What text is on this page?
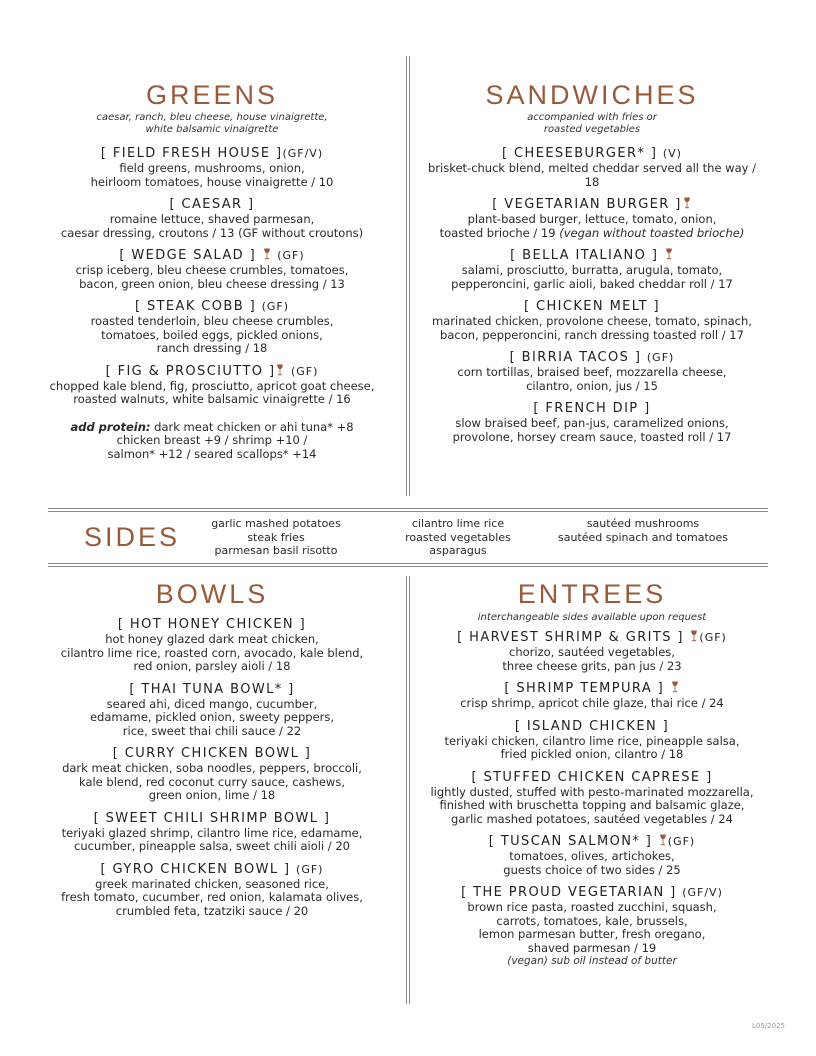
GREENS
caesar, ranch, bleu cheese, house vinaigrette,
white balsamic vinaigrette
[ FIELD FRESH HOUSE ](GF/V)
field greens, mushrooms, onion,
heirloom tomatoes, house vinaigrette / 10
[ CAESAR ]
romaine lettuce, shaved parmesan,
caesar dressing, croutons / 13 (GF without croutons)
[ WEDGE SALAD ] (GF)
crisp iceberg, bleu cheese crumbles, tomatoes,
bacon, green onion, bleu cheese dressing / 13
[ STEAK COBB ] (GF)
roasted tenderloin, bleu cheese crumbles,
tomatoes, boiled eggs, pickled onions,
ranch dressing / 18
[ FIG & PROSCIUTTO ] (GF)
chopped kale blend, fig, prosciutto, apricot goat cheese,
roasted walnuts, white balsamic vinaigrette / 16
add protein: dark meat chicken or ahi tuna* +8
chicken breast +9 / shrimp +10 /
salmon* +12 / seared scallops* +14
SANDWICHES
accompanied with fries or
roasted vegetables
[ CHEESEBURGER* ] (V)
brisket-chuck blend, melted cheddar served all the way / 18
[ VEGETARIAN BURGER ]
plant-based burger, lettuce, tomato, onion,
toasted brioche / 19 (vegan without toasted brioche)
[ BELLA ITALIANO ]
salami, prosciutto, burratta, arugula, tomato,
pepperoncini, garlic aioli, baked cheddar roll / 17
[ CHICKEN MELT ]
marinated chicken, provolone cheese, tomato, spinach,
bacon, pepperoncini, ranch dressing toasted roll / 17
[ BIRRIA TACOS ] (GF)
corn tortillas, braised beef, mozzarella cheese,
cilantro, onion, jus / 15
[ FRENCH DIP ]
slow braised beef, pan-jus, caramelized onions,
provolone, horsey cream sauce, toasted roll / 17
SIDES	garlic mashed potatoes
steak fries
parmesan basil risotto
cilantro lime rice
roasted vegetables
asparagus
sautéed mushrooms
sautéed spinach and tomatoes
BOWLS
[ HOT HONEY CHICKEN ]
hot honey glazed dark meat chicken,
cilantro lime rice, roasted corn, avocado, kale blend,
red onion, parsley aioli / 18
[ THAI TUNA BOWL* ]
seared ahi, diced mango, cucumber,
edamame, pickled onion, sweety peppers,
rice, sweet thai chili sauce / 22
[ CURRY CHICKEN BOWL ]
dark meat chicken, soba noodles, peppers, broccoli,
kale blend, red coconut curry sauce, cashews,
green onion, lime / 18
[ SWEET CHILI SHRIMP BOWL ]
teriyaki glazed shrimp, cilantro lime rice, edamame,
cucumber, pineapple salsa, sweet chili aioli / 20
[ GYRO CHICKEN BOWL ] (GF)
greek marinated chicken, seasoned rice,
fresh tomato, cucumber, red onion, kalamata olives,
crumbled feta, tzatziki sauce / 20
ENTREES
interchangeable sides available upon request
[ HARVEST SHRIMP & GRITS ] (GF)
chorizo, sautéed vegetables,
three cheese grits, pan jus / 23
[ SHRIMP TEMPURA ]
crisp shrimp, apricot chile glaze, thai rice / 24
[ ISLAND CHICKEN ]
teriyaki chicken, cilantro lime rice, pineapple salsa,
fried pickled onion, cilantro / 18
[ STUFFED CHICKEN CAPRESE ]
lightly dusted, stuffed with pesto-marinated mozzarella,
finished with bruschetta topping and balsamic glaze,
garlic mashed potatoes, sautéed vegetables / 24
[ TUSCAN SALMON* ] (GF)
tomatoes, olives, artichokes,
guests choice of two sides / 25
[ THE PROUD VEGETARIAN ] (GF/V)
brown rice pasta, roasted zucchini, squash,
carrots, tomatoes, kale, brussels,
lemon parmesan butter, fresh oregano,
shaved parmesan / 19
(vegan) sub oil instead of butter
L05/2025
